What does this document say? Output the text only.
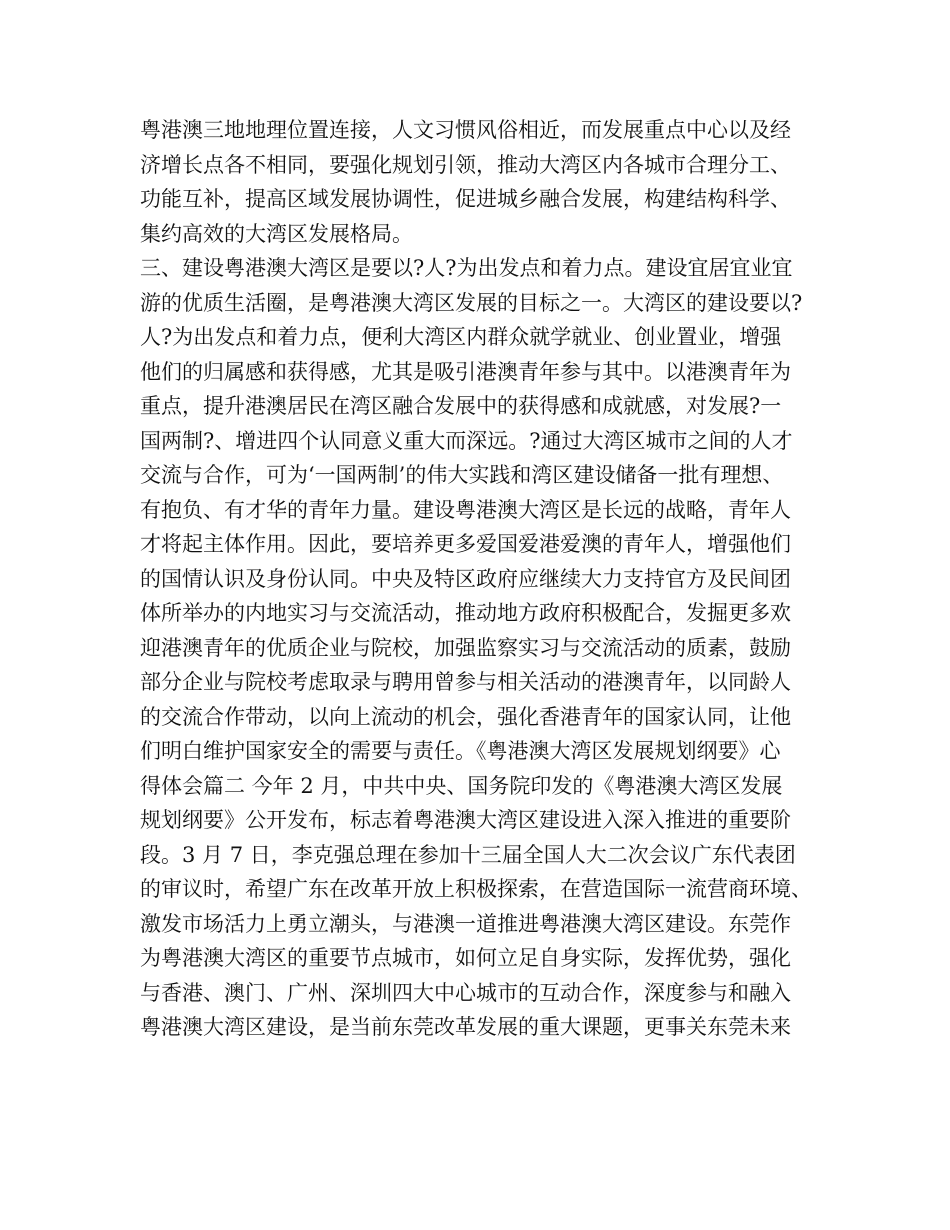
粤港澳三地地理位置连接，人文习惯风俗相近，而发展重点中心以及经
济增长点各不相同，要强化规划引领，推动大湾区内各城市合理分工、
功能互补，提高区域发展协调性，促进城乡融合发展，构建结构科学、
集约高效的大湾区发展格局。
三、建设粤港澳大湾区是要以?人?为出发点和着力点。建设宜居宜业宜
游的优质生活圈，是粤港澳大湾区发展的目标之一。大湾区的建设要以?
人?为出发点和着力点，便利大湾区内群众就学就业、创业置业，增强
他们的归属感和获得感，尤其是吸引港澳青年参与其中。以港澳青年为
重点，提升港澳居民在湾区融合发展中的获得感和成就感，对发展?一
国两制?、增进四个认同意义重大而深远。?通过大湾区城市之间的人才
交流与合作，可为‘一国两制’的伟大实践和湾区建设储备一批有理想、
有抱负、有才华的青年力量。建设粤港澳大湾区是长远的战略，青年人
才将起主体作用。因此，要培养更多爱国爱港爱澳的青年人，增强他们
的国情认识及身份认同。中央及特区政府应继续大力支持官方及民间团
体所举办的内地实习与交流活动，推动地方政府积极配合，发掘更多欢
迎港澳青年的优质企业与院校，加强监察实习与交流活动的质素，鼓励
部分企业与院校考虑取录与聘用曾参与相关活动的港澳青年，以同龄人
的交流合作带动，以向上流动的机会，强化香港青年的国家认同，让他
们明白维护国家安全的需要与责任。《粤港澳大湾区发展规划纲要》心
得体会篇二 今年 2 月，中共中央、国务院印发的《粤港澳大湾区发展
规划纲要》公开发布，标志着粤港澳大湾区建设进入深入推进的重要阶
段。3 月 7 日，李克强总理在参加十三届全国人大二次会议广东代表团
的审议时，希望广东在改革开放上积极探索，在营造国际一流营商环境、
激发市场活力上勇立潮头，与港澳一道推进粤港澳大湾区建设。东莞作
为粤港澳大湾区的重要节点城市，如何立足自身实际，发挥优势，强化
与香港、澳门、广州、深圳四大中心城市的互动合作，深度参与和融入
粤港澳大湾区建设，是当前东莞改革发展的重大课题，更事关东莞未来
